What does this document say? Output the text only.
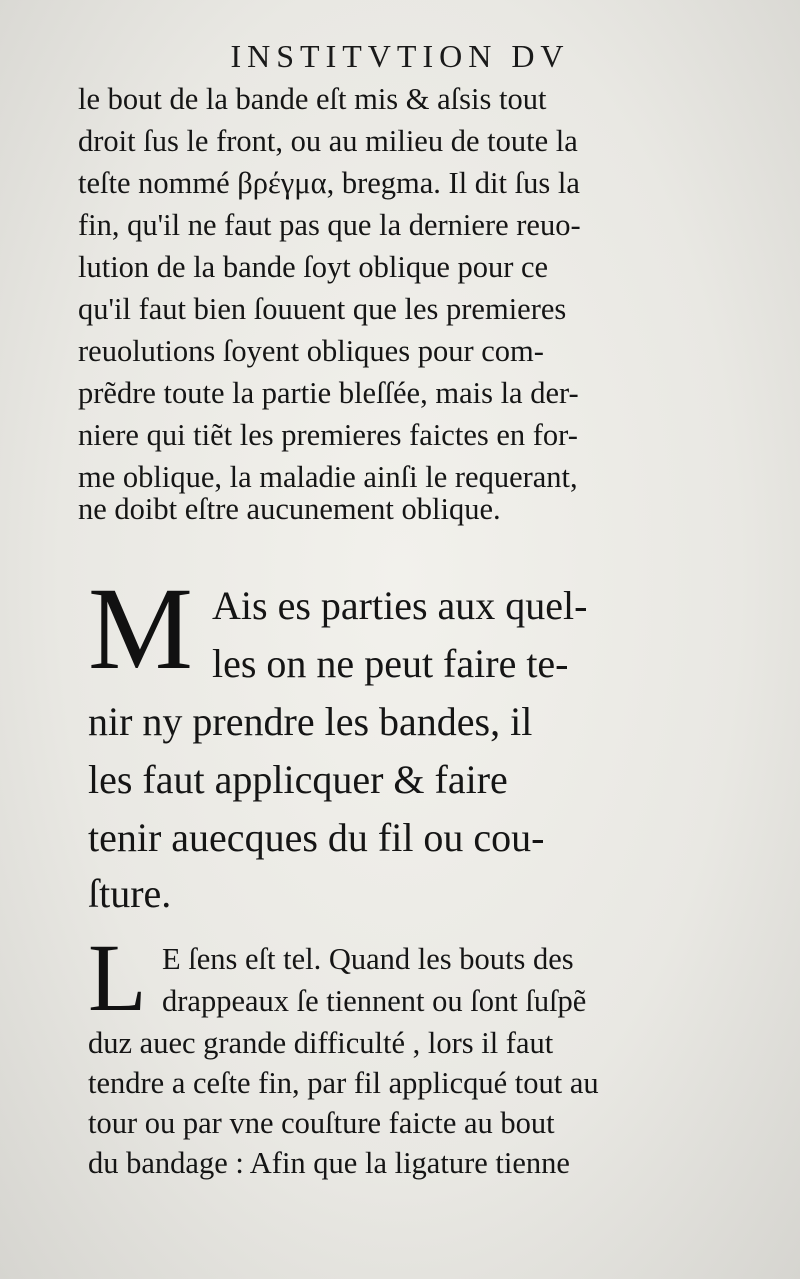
INSTITVTION DV
le bout de la bande eſt mis & aſsis tout
droit ſus le front, ou au milieu de toute la
teſte nommé βρέγμα, bregma. Il dit ſus la
fin, qu'il ne faut pas que la derniere reuo-
lution de la bande ſoyt oblique pour ce
qu'il faut bien ſouuent que les premieres
reuolutions ſoyent obliques pour com-
prẽdre toute la partie bleſſée, mais la der-
niere qui tiẽt les premieres faictes en for-
me oblique, la maladie ainſi le requerant,
ne doibt eſtre aucunement oblique.
M Ais es parties aux quel-
les on ne peut faire te-
nir ny prendre les bandes, il
les faut applicquer & faire
tenir auecques du fil ou cou-
ſture.
L E ſens eſt tel. Quand les bouts des
drappeaux ſe tiennent ou ſont ſuſpẽ
duz auec grande difficulté , lors il faut
tendre a ceſte fin, par fil applicqué tout au
tour ou par vne couſture faicte au bout
du bandage : Afin que la ligature tienne
